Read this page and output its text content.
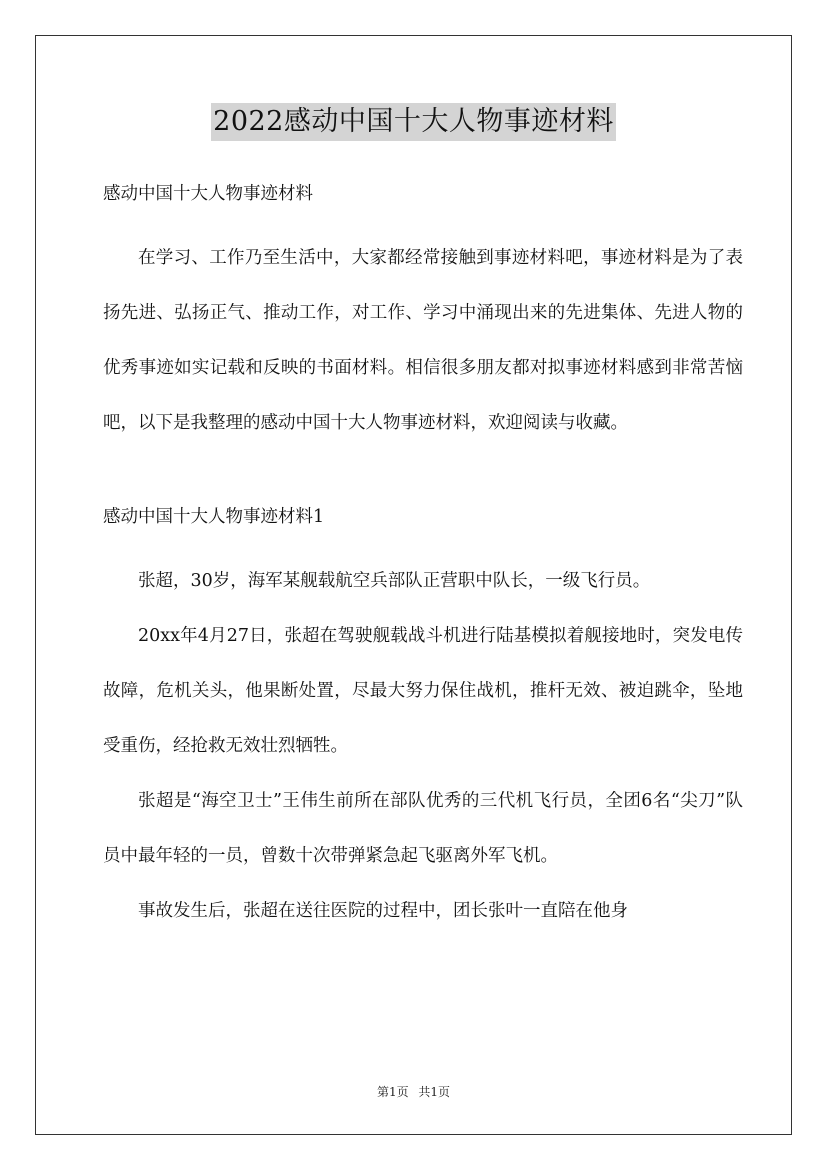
2022感动中国十大人物事迹材料

感动中国十大人物事迹材料

在学习、工作乃至生活中，大家都经常接触到事迹材料吧，事迹材料是为了表扬先进、弘扬正气、推动工作，对工作、学习中涌现出来的先进集体、先进人物的优秀事迹如实记载和反映的书面材料。相信很多朋友都对拟事迹材料感到非常苦恼吧，以下是我整理的感动中国十大人物事迹材料，欢迎阅读与收藏。

感动中国十大人物事迹材料1

张超，30岁，海军某舰载航空兵部队正营职中队长，一级飞行员。

20xx年4月27日，张超在驾驶舰载战斗机进行陆基模拟着舰接地时，突发电传故障，危机关头，他果断处置，尽最大努力保住战机，推杆无效、被迫跳伞，坠地受重伤，经抢救无效壮烈牺牲。

张超是“海空卫士”王伟生前所在部队优秀的三代机飞行员，全团6名“尖刀”队员中最年轻的一员，曾数十次带弹紧急起飞驱离外军飞机。

事故发生后，张超在送往医院的过程中，团长张叶一直陪在他身

第1页 共1页
